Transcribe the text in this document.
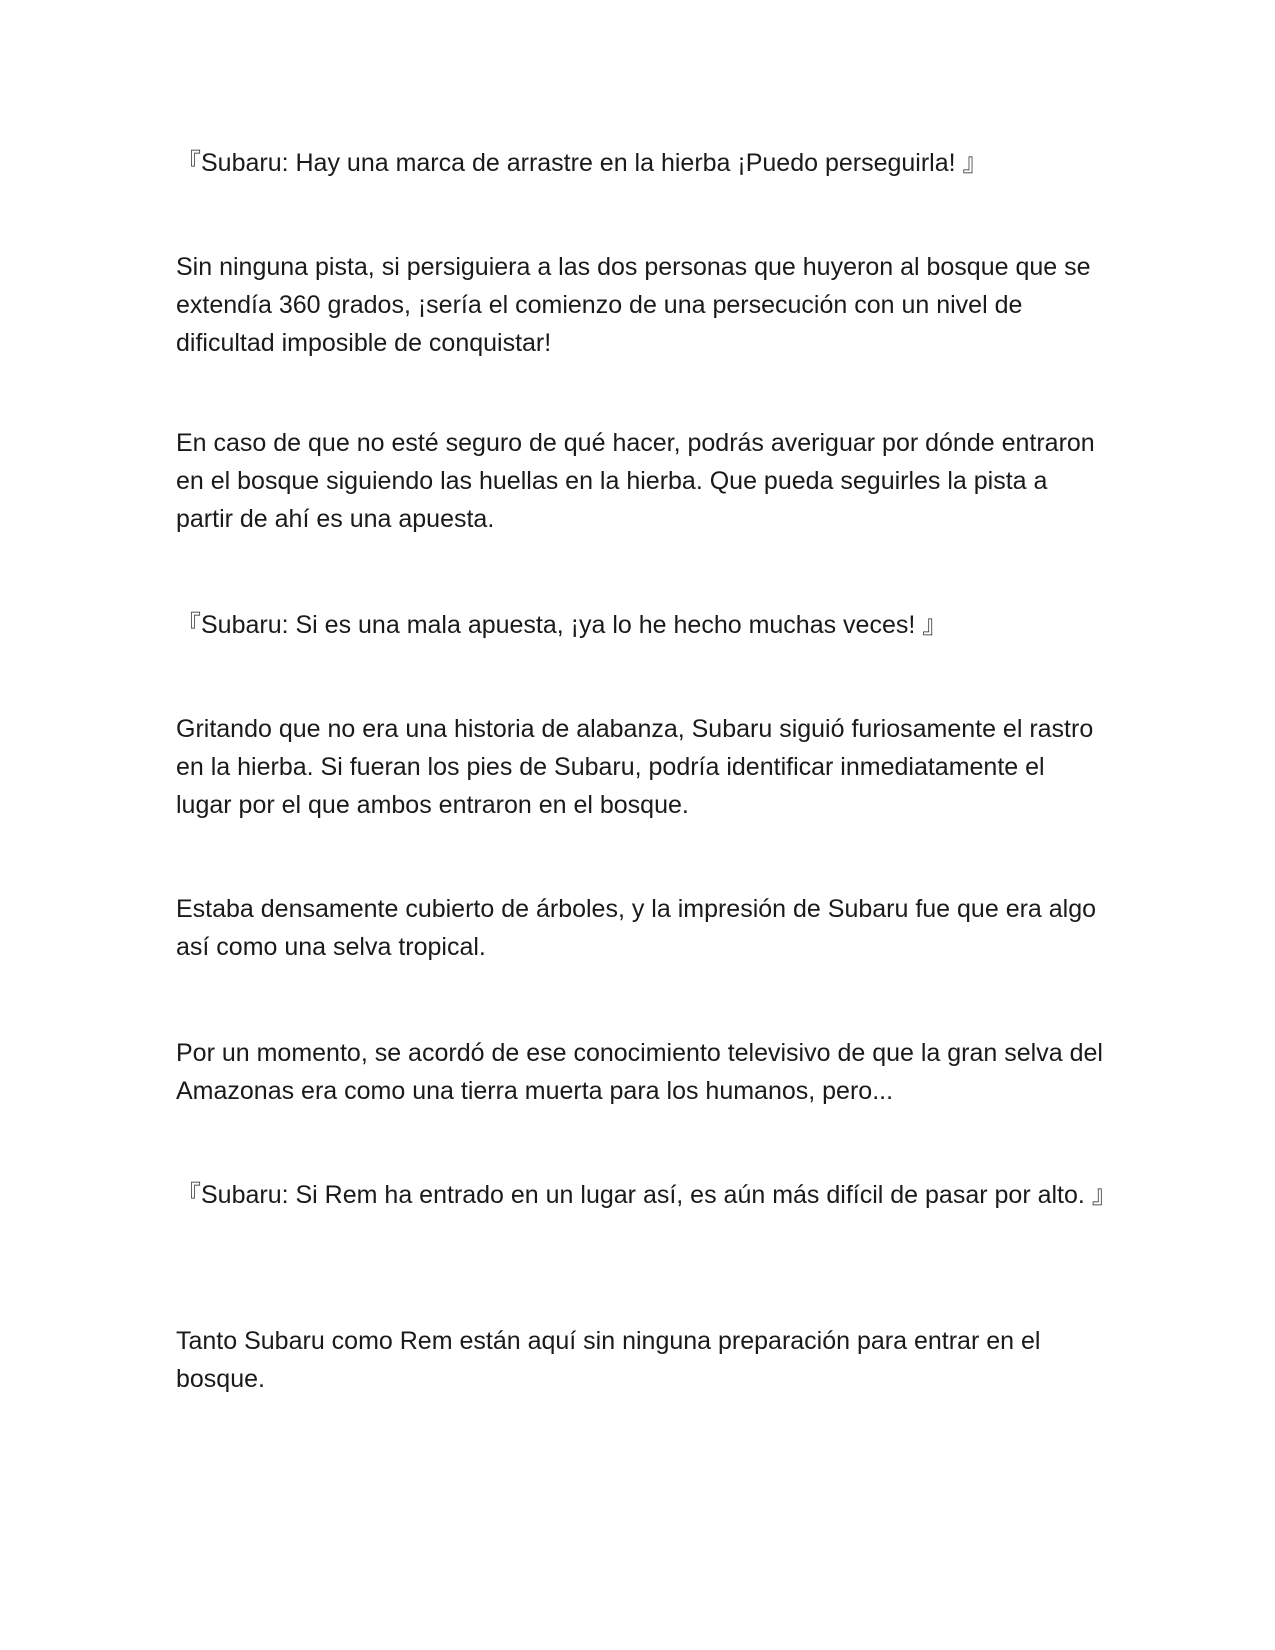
『Subaru: Hay una marca de arrastre en la hierba ¡Puedo perseguirla! 』

Sin ninguna pista, si persiguiera a las dos personas que huyeron al bosque que se extendía 360 grados, ¡sería el comienzo de una persecución con un nivel de dificultad imposible de conquistar!

En caso de que no esté seguro de qué hacer, podrás averiguar por dónde entraron en el bosque siguiendo las huellas en la hierba. Que pueda seguirles la pista a partir de ahí es una apuesta.

『Subaru: Si es una mala apuesta, ¡ya lo he hecho muchas veces! 』

Gritando que no era una historia de alabanza, Subaru siguió furiosamente el rastro en la hierba. Si fueran los pies de Subaru, podría identificar inmediatamente el lugar por el que ambos entraron en el bosque.

Estaba densamente cubierto de árboles, y la impresión de Subaru fue que era algo así como una selva tropical.

Por un momento, se acordó de ese conocimiento televisivo de que la gran selva del Amazonas era como una tierra muerta para los humanos, pero...

『Subaru: Si Rem ha entrado en un lugar así, es aún más difícil de pasar por alto. 』

Tanto Subaru como Rem están aquí sin ninguna preparación para entrar en el bosque.
